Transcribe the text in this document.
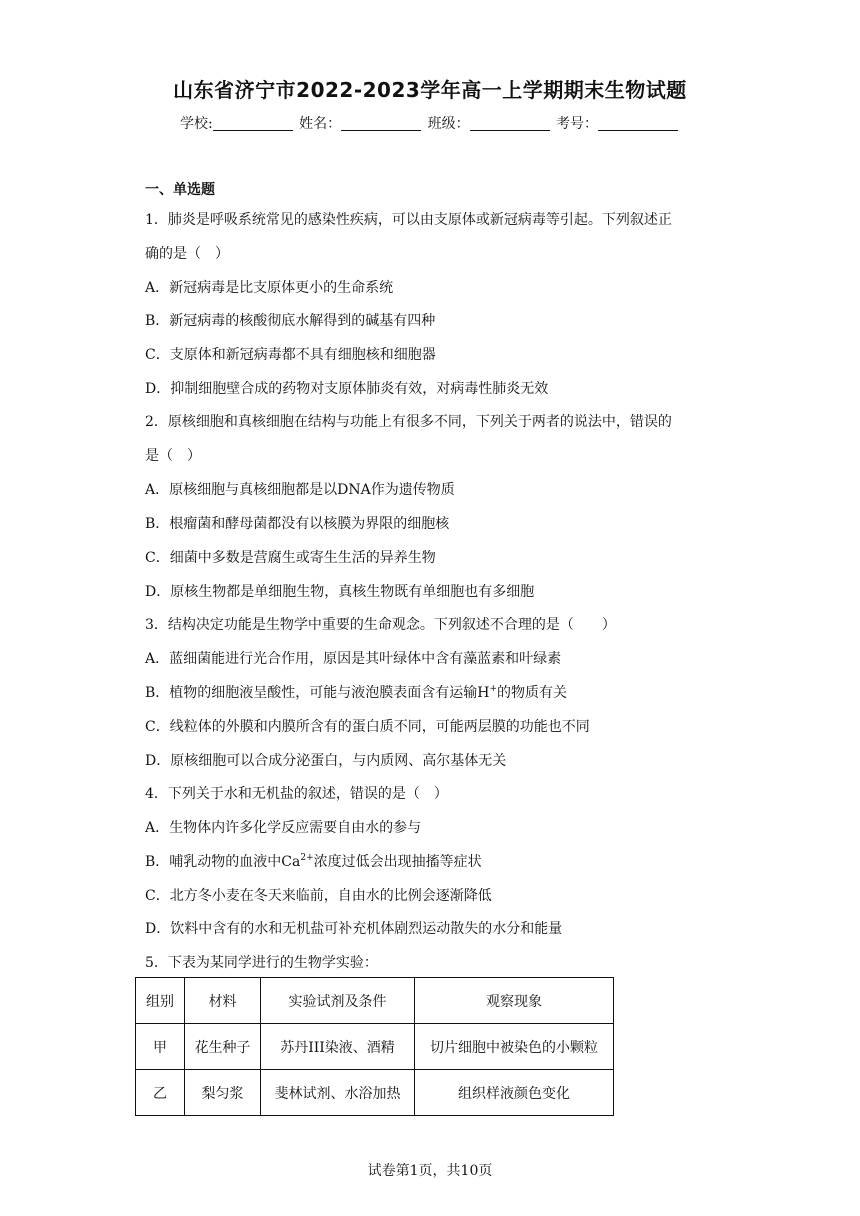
山东省济宁市2022-2023学年高一上学期期末生物试题
学校:	姓名：	班级：	考号：
一、单选题
1．肺炎是呼吸系统常见的感染性疾病，可以由支原体或新冠病毒等引起。下列叙述正
确的是（　）
A．新冠病毒是比支原体更小的生命系统
B．新冠病毒的核酸彻底水解得到的碱基有四种
C．支原体和新冠病毒都不具有细胞核和细胞器
D．抑制细胞壁合成的药物对支原体肺炎有效，对病毒性肺炎无效
2．原核细胞和真核细胞在结构与功能上有很多不同，下列关于两者的说法中，错误的
是（　）
A．原核细胞与真核细胞都是以DNA作为遗传物质
B．根瘤菌和酵母菌都没有以核膜为界限的细胞核
C．细菌中多数是营腐生或寄生生活的异养生物
D．原核生物都是单细胞生物，真核生物既有单细胞也有多细胞
3．结构决定功能是生物学中重要的生命观念。下列叙述不合理的是（　　）
A．蓝细菌能进行光合作用，原因是其叶绿体中含有藻蓝素和叶绿素
B．植物的细胞液呈酸性，可能与液泡膜表面含有运输H+的物质有关
C．线粒体的外膜和内膜所含有的蛋白质不同，可能两层膜的功能也不同
D．原核细胞可以合成分泌蛋白，与内质网、高尔基体无关
4．下列关于水和无机盐的叙述，错误的是（　）
A．生物体内许多化学反应需要自由水的参与
B．哺乳动物的血液中$Ca^{2+}$浓度过低会出现抽搐等症状
C．北方冬小麦在冬天来临前，自由水的比例会逐渐降低
D．饮料中含有的水和无机盐可补充机体剧烈运动散失的水分和能量
5．下表为某同学进行的生物学实验：
组别	材料	实验试剂及条件	观察现象
甲	花生种子	苏丹III染液、酒精	切片细胞中被染色的小颗粒
乙	梨匀浆	斐林试剂、水浴加热	组织样液颜色变化
试卷第1页，共10页
